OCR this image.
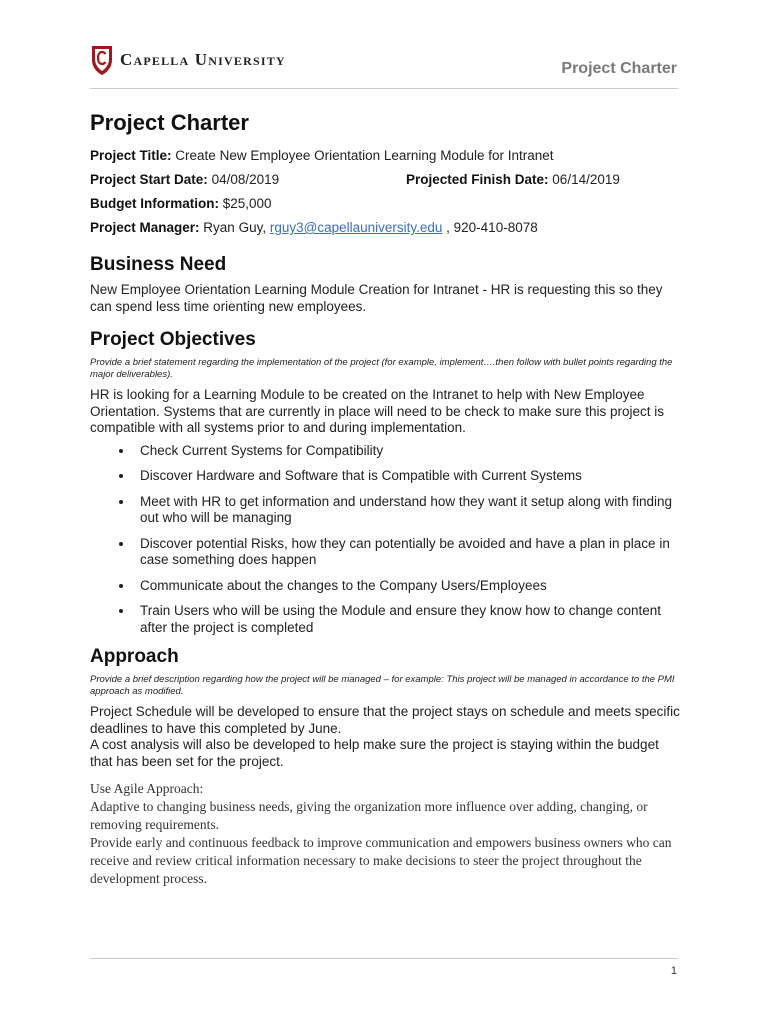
Capella University	Project Charter
Project Charter
Project Title:
Create New Employee Orientation Learning Module for Intranet
Project Start Date: 04/08/2019	Projected Finish Date: 06/14/2019
Budget Information:
$25,000
Project Manager:
Ryan Guy,
rguy3@capellauniversity.edu
, 920-410-8078
Business Need

New Employee Orientation Learning Module Creation for Intranet - HR is requesting this so they can spend less time orienting new employees.

Project Objectives

Provide a brief statement regarding the implementation of the project (for example, implement….then follow with bullet points regarding the major deliverables).

HR is looking for a Learning Module to be created on the Intranet to help with New Employee Orientation. Systems that are currently in place will need to be check to make sure this project is compatible with all systems prior to and during implementation.

• Check Current Systems for Compatibility
• Discover Hardware and Software that is Compatible with Current Systems
• Meet with HR to get information and understand how they want it setup along with finding out who will be managing
• Discover potential Risks, how they can potentially be avoided and have a plan in place in case something does happen
• Communicate about the changes to the Company Users/Employees
• Train Users who will be using the Module and ensure they know how to change content after the project is completed
Approach

Provide a brief description regarding how the project will be managed – for example: This project will be managed in accordance to the PMI approach as modified.

Project Schedule will be developed to ensure that the project stays on schedule and meets specific deadlines to have this completed by June.

A cost analysis will also be developed to help make sure the project is staying within the budget that has been set for the project.

Use Agile Approach:
Adaptive to changing business needs, giving the organization more influence over adding, changing, or removing requirements.
Provide early and continuous feedback to improve communication and empowers business owners who can receive and review critical information necessary to make decisions to steer the project throughout the development process.
1
